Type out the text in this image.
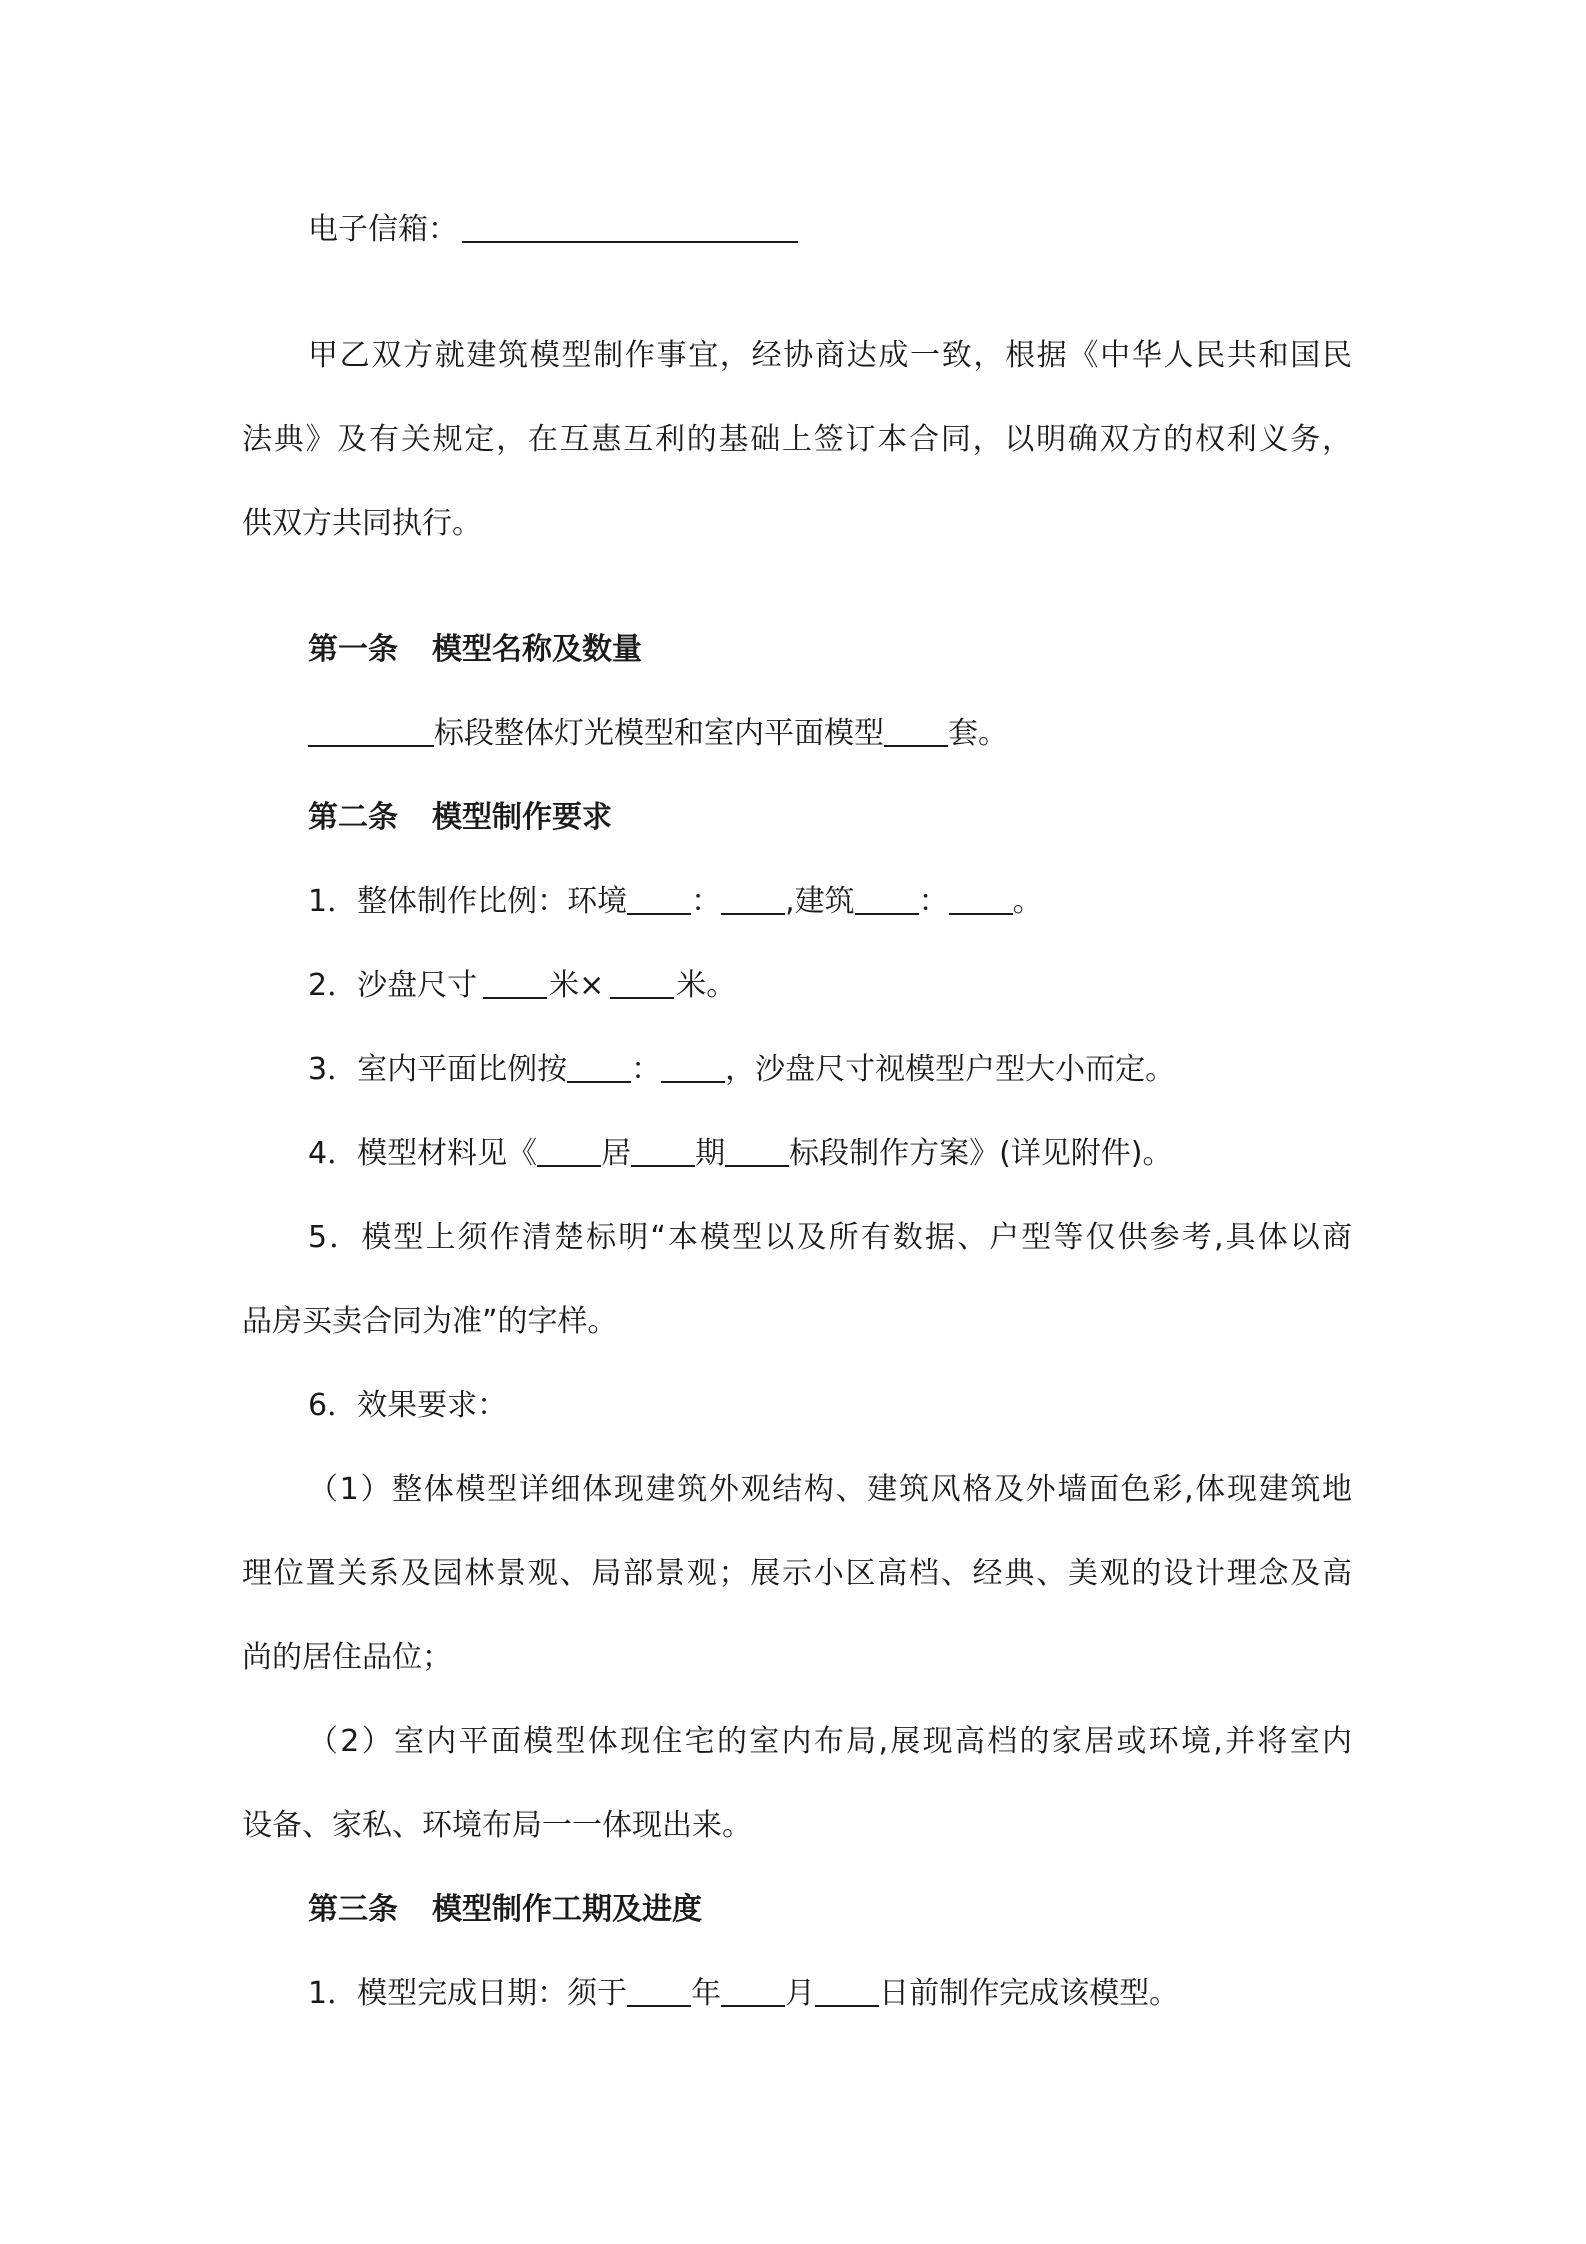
电子信箱：
甲乙双方就建筑模型制作事宜，经协商达成一致，根据《中华人民共和国民
法典》及有关规定，在互惠互利的基础上签订本合同，以明确双方的权利义务，
供双方共同执行。
第一条 模型名称及数量
标段整体灯光模型和室内平面模型 套。
第二条 模型制作要求
1．整体制作比例：环境 ： ,建筑 ： 。
2．沙盘尺寸 米× 米。
3．室内平面比例按 ： ，沙盘尺寸视模型户型大小而定。
4．模型材料见《 居 期 标段制作方案》(详见附件)。
5．模型上须作清楚标明“本模型以及所有数据、户型等仅供参考,具体以商
品房买卖合同为准”的字样。
6．效果要求：
（1）整体模型详细体现建筑外观结构、建筑风格及外墙面色彩,体现建筑地
理位置关系及园林景观、局部景观；展示小区高档、经典、美观的设计理念及高
尚的居住品位；
（2）室内平面模型体现住宅的室内布局,展现高档的家居或环境,并将室内
设备、家私、环境布局一一体现出来。
第三条 模型制作工期及进度
1．模型完成日期：须于 年 月 日前制作完成该模型。
